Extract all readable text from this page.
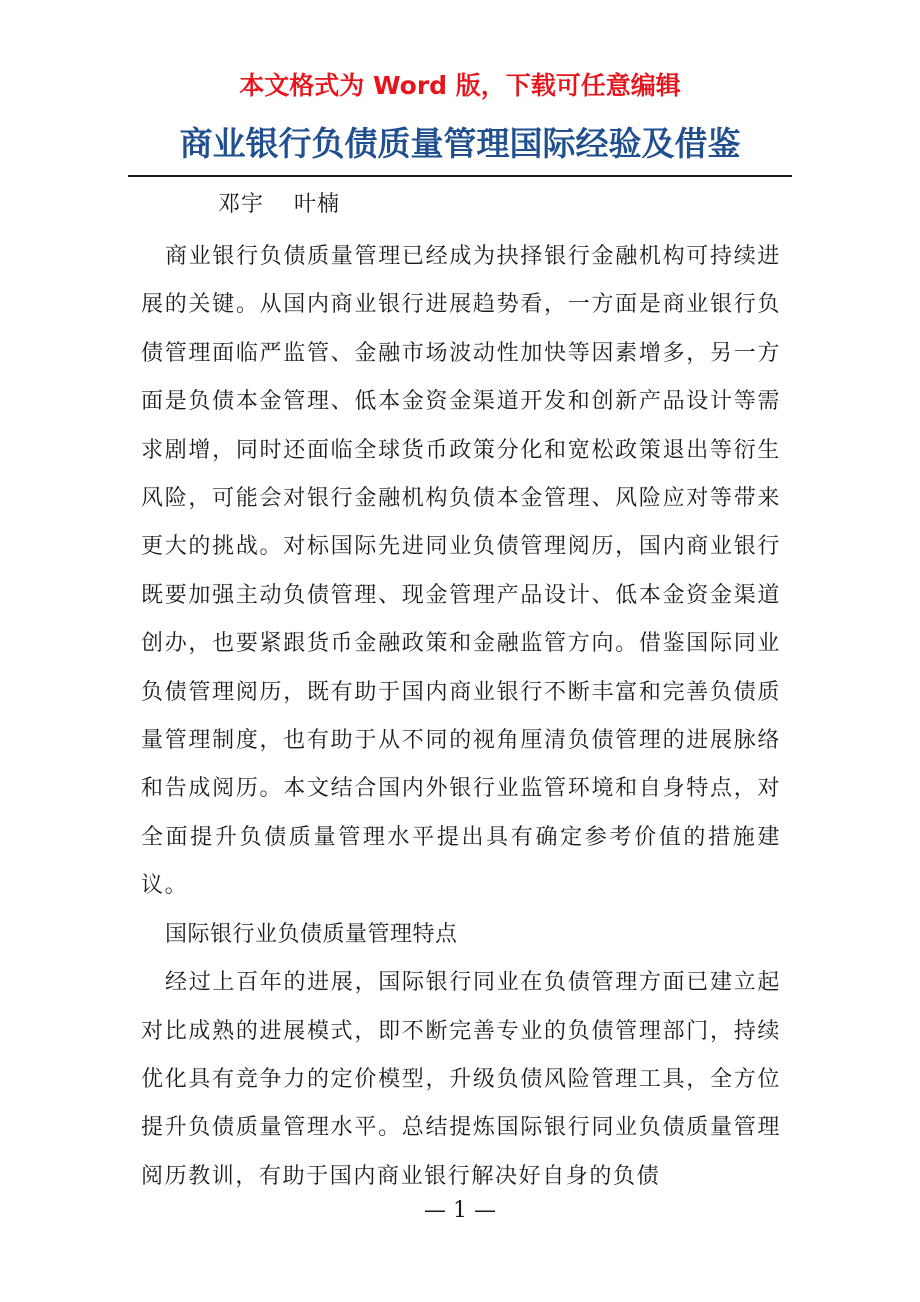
本文格式为 Word 版，下载可任意编辑
商业银行负债质量管理国际经验及借鉴
邓宇 叶楠

商业银行负债质量管理已经成为抉择银行金融机构可持续进展的关键。从国内商业银行进展趋势看，一方面是商业银行负债管理面临严监管、金融市场波动性加快等因素增多，另一方面是负债本金管理、低本金资金渠道开发和创新产品设计等需求剧增，同时还面临全球货币政策分化和宽松政策退出等衍生风险，可能会对银行金融机构负债本金管理、风险应对等带来更大的挑战。对标国际先进同业负债管理阅历，国内商业银行既要加强主动负债管理、现金管理产品设计、低本金资金渠道创办，也要紧跟货币金融政策和金融监管方向。借鉴国际同业负债管理阅历，既有助于国内商业银行不断丰富和完善负债质量管理制度，也有助于从不同的视角厘清负债管理的进展脉络和告成阅历。本文结合国内外银行业监管环境和自身特点，对全面提升负债质量管理水平提出具有确定参考价值的措施建议。

国际银行业负债质量管理特点

经过上百年的进展，国际银行同业在负债管理方面已建立起对比成熟的进展模式，即不断完善专业的负债管理部门，持续优化具有竞争力的定价模型，升级负债风险管理工具，全方位提升负债质量管理水平。总结提炼国际银行同业负债质量管理阅历教训，有助于国内商业银行解决好自身的负债

— 1 —
